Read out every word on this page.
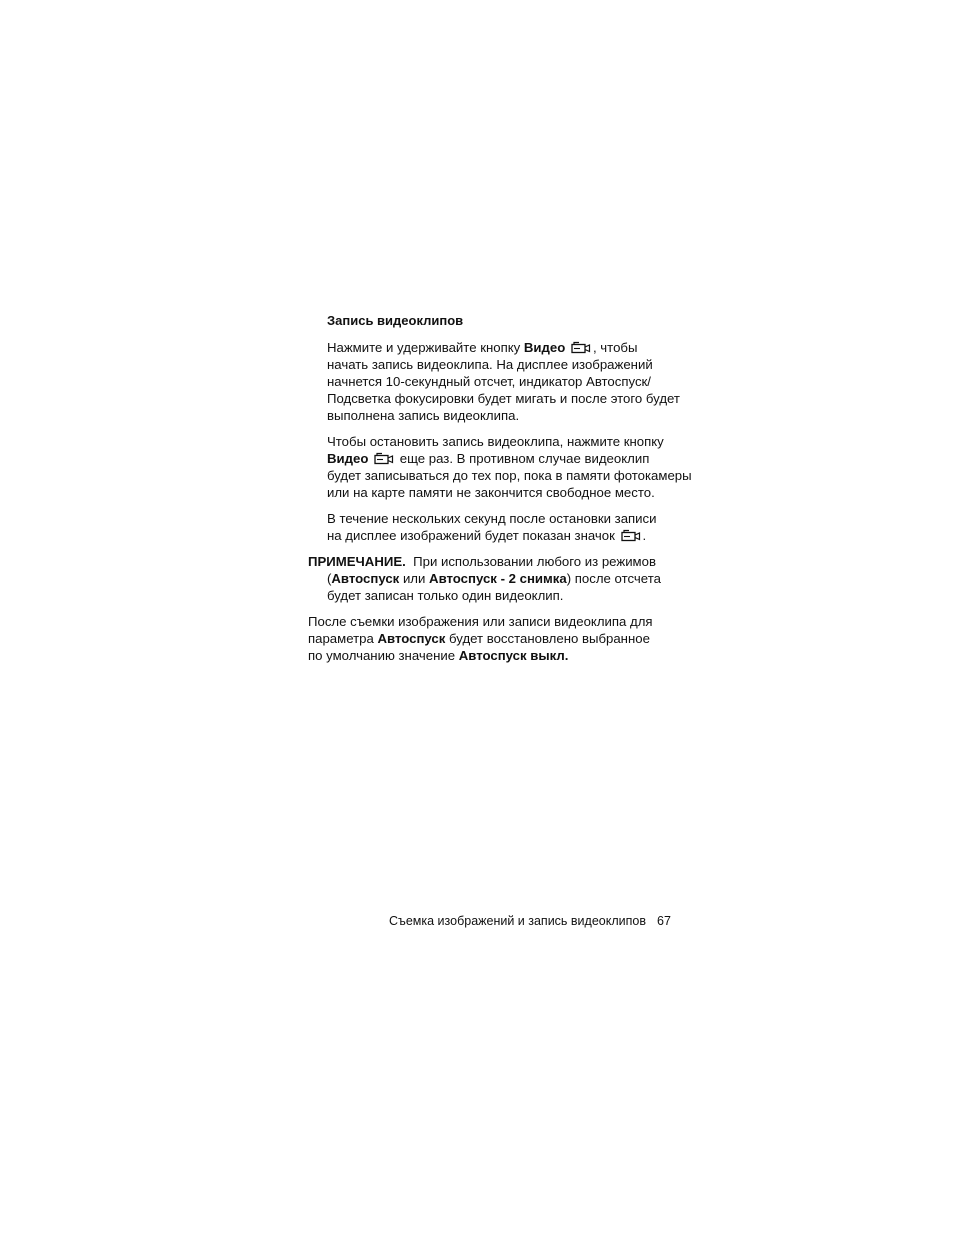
Запись видеоклипов
Нажмите и удерживайте кнопку Видео , чтобы
начать запись видеоклипа. На дисплее изображений
начнется 10-секундный отсчет, индикатор Автоспуск/
Подсветка фокусировки будет мигать и после этого будет
выполнена запись видеоклипа.
Чтобы остановить запись видеоклипа, нажмите кнопку
Видео  еще раз. В противном случае видеоклип
будет записываться до тех пор, пока в памяти фотокамеры
или на карте памяти не закончится свободное место.
В течение нескольких секунд после остановки записи
на дисплее изображений будет показан значок .
ПРИМЕЧАНИЕ. При использовании любого из режимов
(Автоспуск или Автоспуск - 2 снимка) после отсчета
будет записан только один видеоклип.
После съемки изображения или записи видеоклипа для
параметра Автоспуск будет восстановлено выбранное
по умолчанию значение Автоспуск выкл.
Съемка изображений и запись видеоклипов 67
